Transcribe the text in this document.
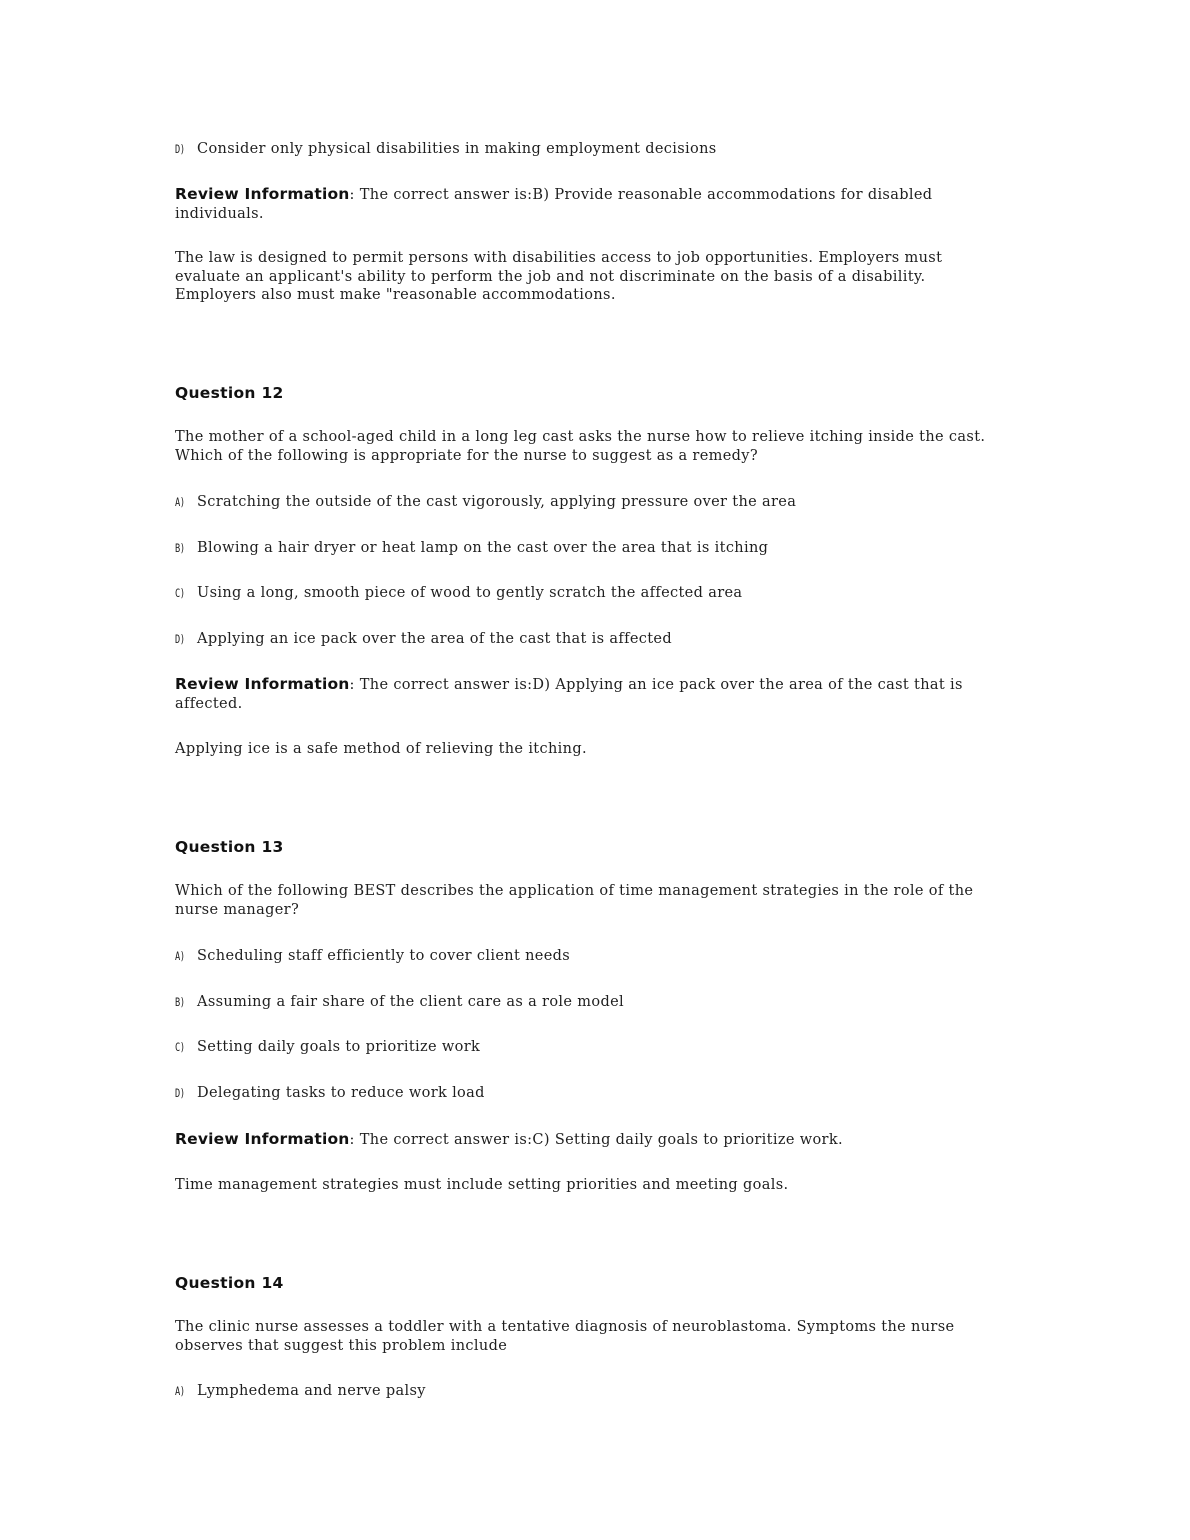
D) Consider only physical disabilities in making employment decisions

Review Information: The correct answer is:B) Provide reasonable accommodations for disabled individuals.

The law is designed to permit persons with disabilities access to job opportunities. Employers must evaluate an applicant's ability to perform the job and not discriminate on the basis of a disability. Employers also must make "reasonable accommodations.

Question 12

The mother of a school-aged child in a long leg cast asks the nurse how to relieve itching inside the cast. Which of the following is appropriate for the nurse to suggest as a remedy?

A) Scratching the outside of the cast vigorously, applying pressure over the area
B) Blowing a hair dryer or heat lamp on the cast over the area that is itching
C) Using a long, smooth piece of wood to gently scratch the affected area
D) Applying an ice pack over the area of the cast that is affected

Review Information: The correct answer is:D) Applying an ice pack over the area of the cast that is affected.

Applying ice is a safe method of relieving the itching.

Question 13

Which of the following BEST describes the application of time management strategies in the role of the nurse manager?

A) Scheduling staff efficiently to cover client needs
B) Assuming a fair share of the client care as a role model
C) Setting daily goals to prioritize work
D) Delegating tasks to reduce work load

Review Information: The correct answer is:C) Setting daily goals to prioritize work.

Time management strategies must include setting priorities and meeting goals.

Question 14

The clinic nurse assesses a toddler with a tentative diagnosis of neuroblastoma. Symptoms the nurse observes that suggest this problem include

A) Lymphedema and nerve palsy
